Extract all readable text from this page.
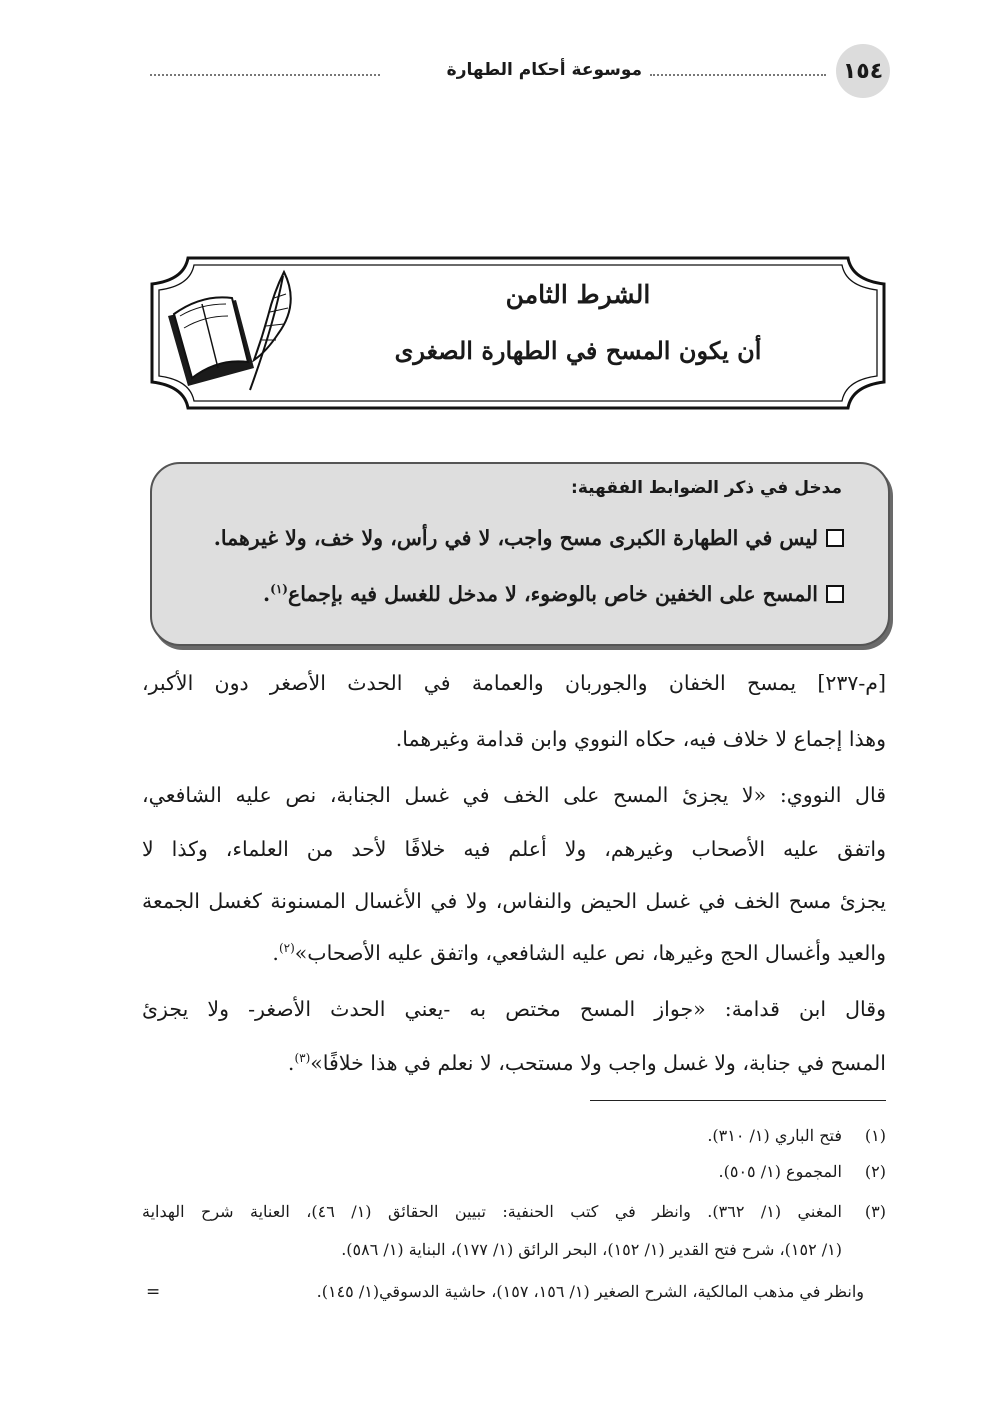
موسوعة أحكام الطهارة	١٥٤
الشرط الثامن
أن يكون المسح في الطهارة الصغرى
مدخل في ذكر الضوابط الفقهية:
ليس في الطهارة الكبرى مسح واجب، لا في رأس، ولا خف، ولا غيرهما.
المسح على الخفين خاص بالوضوء، لا مدخل للغسل فيه بإجماع$^{(١)}$.
[م-٢٣٧] يمسح الخفان والجوربان والعمامة في الحدث الأصغر دون الأكبر،
وهذا إجماع لا خلاف فيه، حكاه النووي وابن قدامة وغيرهما.
قال النووي: «لا يجزئ المسح على الخف في غسل الجنابة، نص عليه الشافعي،
واتفق عليه الأصحاب وغيرهم، ولا أعلم فيه خلافًا لأحد من العلماء، وكذا لا
يجزئ مسح الخف في غسل الحيض والنفاس، ولا في الأغسال المسنونة كغسل الجمعة
والعيد وأغسال الحج وغيرها، نص عليه الشافعي، واتفق عليه الأصحاب»$^{(٢)}$.
وقال ابن قدامة: «جواز المسح مختص به -يعني الحدث الأصغر- ولا يجزئ
المسح في جنابة، ولا غسل واجب ولا مستحب، لا نعلم في هذا خلافًا»$^{(٣)}$.
(١)
فتح الباري (١/ ٣١٠).
(٢)
المجموع (١/ ٥٠٥).
(٣)
المغني (١/ ٣٦٢). وانظر في كتب الحنفية: تبيين الحقائق (١/ ٤٦)، العناية شرح الهداية
(١/ ١٥٢)، شرح فتح القدير (١/ ١٥٢)، البحر الرائق (١/ ١٧٧)، البناية (١/ ٥٨٦).
وانظر في مذهب المالكية، الشرح الصغير (١/ ١٥٦، ١٥٧)، حاشية الدسوقي(١/ ١٤٥).
=
